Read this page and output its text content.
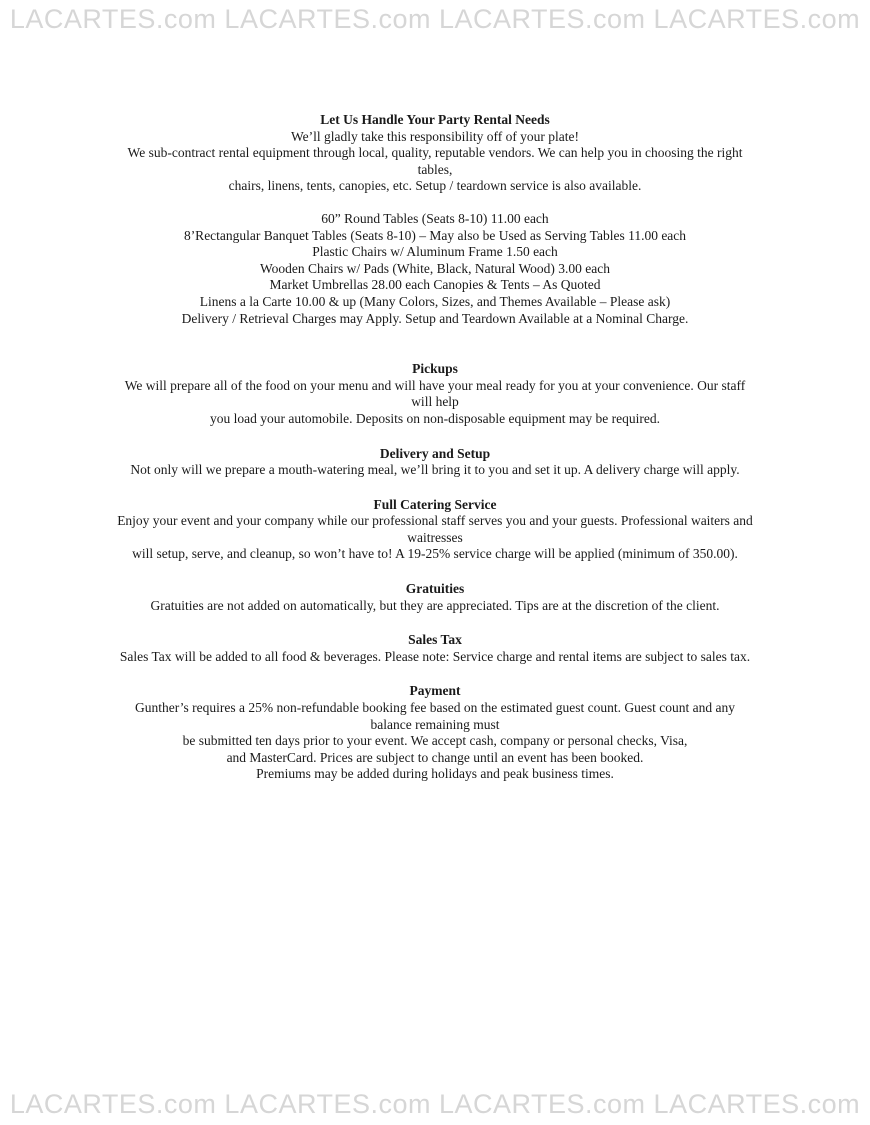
LACARTES.com LACARTES.com LACARTES.com LACARTES.com
LACARTES.com LACARTES.com LACARTES.com LACARTES.com
Let Us Handle Your Party Rental Needs
We’ll gladly take this responsibility off of your plate!
We sub-contract rental equipment through local, quality, reputable vendors. We can help you in choosing the right
tables,
chairs, linens, tents, canopies, etc. Setup / teardown service is also available.
60” Round Tables (Seats 8-10) 11.00 each
8’Rectangular Banquet Tables (Seats 8-10) – May also be Used as Serving Tables 11.00 each
Plastic Chairs w/ Aluminum Frame 1.50 each
Wooden Chairs w/ Pads (White, Black, Natural Wood) 3.00 each
Market Umbrellas 28.00 each Canopies & Tents – As Quoted
Linens a la Carte 10.00 & up (Many Colors, Sizes, and Themes Available – Please ask)
Delivery / Retrieval Charges may Apply. Setup and Teardown Available at a Nominal Charge.
Pickups
We will prepare all of the food on your menu and will have your meal ready for you at your convenience. Our staff
will help
you load your automobile. Deposits on non-disposable equipment may be required.
Delivery and Setup
Not only will we prepare a mouth-watering meal, we’ll bring it to you and set it up. A delivery charge will apply.
Full Catering Service
Enjoy your event and your company while our professional staff serves you and your guests. Professional waiters and
waitresses
will setup, serve, and cleanup, so won’t have to! A 19-25% service charge will be applied (minimum of 350.00).
Gratuities
Gratuities are not added on automatically, but they are appreciated. Tips are at the discretion of the client.
Sales Tax
Sales Tax will be added to all food & beverages. Please note: Service charge and rental items are subject to sales tax.
Payment
Gunther’s requires a 25% non-refundable booking fee based on the estimated guest count. Guest count and any
balance remaining must
be submitted ten days prior to your event. We accept cash, company or personal checks, Visa,
and MasterCard. Prices are subject to change until an event has been booked.
Premiums may be added during holidays and peak business times.
